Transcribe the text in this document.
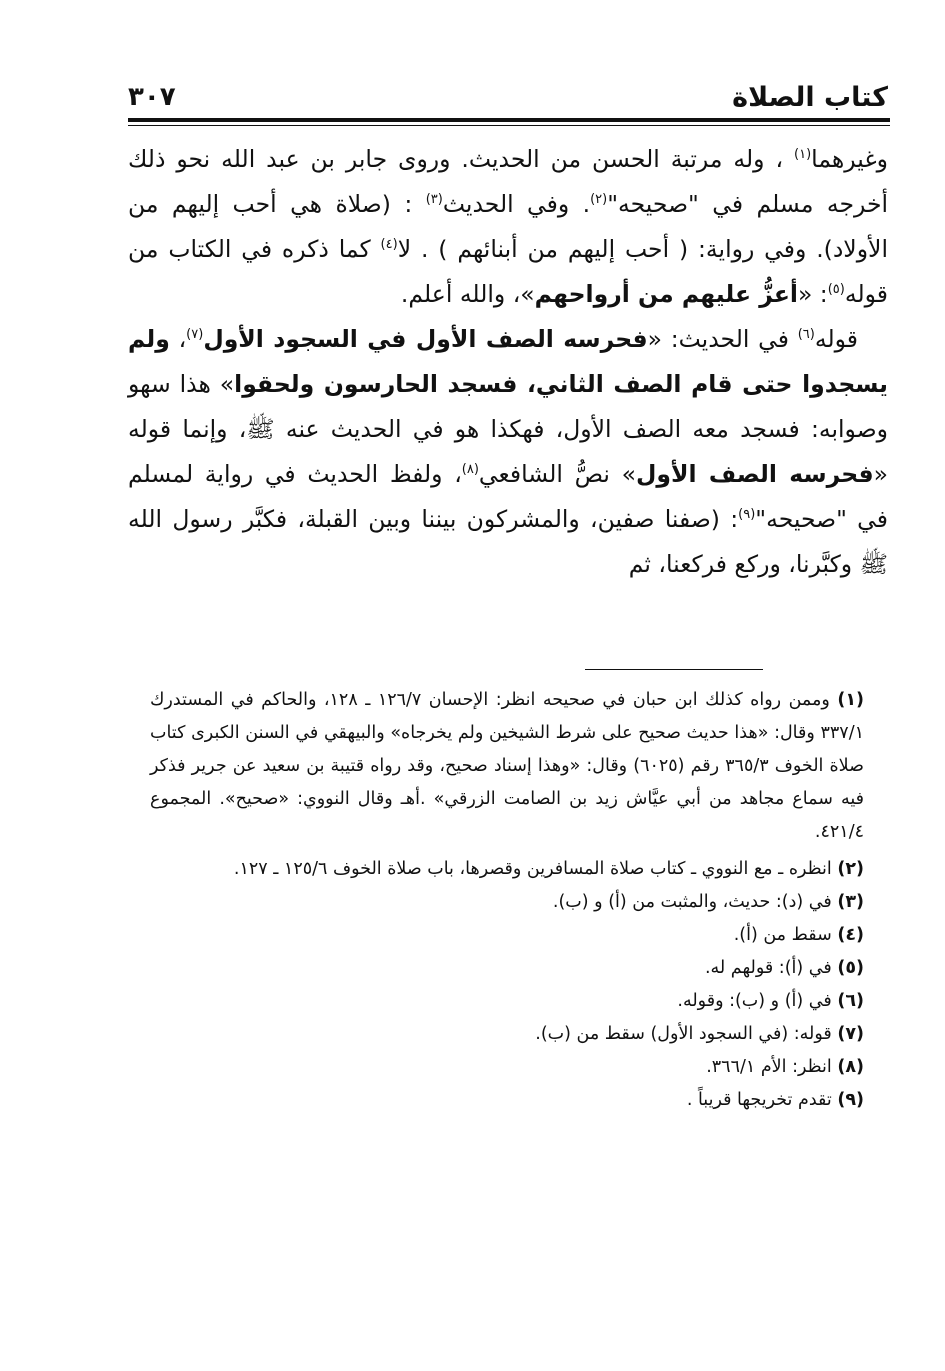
كتاب الصلاة
٣٠٧

وغيرهما$^{(١)}$ ، وله مرتبة الحسن من الحديث. وروى جابر بن عبد الله نحو ذلك أخرجه مسلم في "صحيحه"$^{(٢)}$. وفي الحديث$^{(٣)}$ : (صلاة هي أحب إليهم من الأولاد). وفي رواية: ( أحب إليهم من أبنائهم ) . لا$^{(٤)}$ كما ذكره في الكتاب من قوله$^{(٥)}$: «أعزُّ عليهم من أرواحهم»، والله أعلم.

قوله$^{(٦)}$ في الحديث: «فحرسه الصف الأول في السجود الأول$^{(٧)}$، ولم يسجدوا حتى قام الصف الثاني، فسجد الحارسون ولحقوا» هذا سهو وصوابه: فسجد معه الصف الأول، فهكذا هو في الحديث عنه ﷺ، وإنما قوله «فحرسه الصف الأول» نصُّ الشافعي$^{(٨)}$، ولفظ الحديث في رواية لمسلم في "صحيحه"$^{(٩)}$: (صفنا صفين، والمشركون بيننا وبين القبلة، فكبَّر رسول الله ﷺ وكبَّرنا، وركع فركعنا، ثم

(١) وممن رواه كذلك ابن حبان في صحيحه انظر: الإحسان ١٢٦/٧ ـ ١٢٨، والحاكم في المستدرك ٣٣٧/١ وقال: «هذا حديث صحيح على شرط الشيخين ولم يخرجاه» والبيهقي في السنن الكبرى كتاب صلاة الخوف ٣٦٥/٣ رقم (٦٠٢٥) وقال: «وهذا إسناد صحيح، وقد رواه قتيبة بن سعيد عن جرير فذكر فيه سماع مجاهد من أبي عيَّاش زيد بن الصامت الزرقي» .أهـ وقال النووي: «صحيح». المجموع ٤٢١/٤.

(٢) انظره ـ مع النووي ـ كتاب صلاة المسافرين وقصرها، باب صلاة الخوف ١٢٥/٦ ـ ١٢٧.

(٣) في (د): حديث، والمثبت من (أ) و (ب).

(٤) سقط من (أ).

(٥) في (أ): قولهم له.

(٦) في (أ) و (ب): وقوله.

(٧) قوله: (في السجود الأول) سقط من (ب).

(٨) انظر: الأم ٣٦٦/١.

(٩) تقدم تخريجها قريباً .
